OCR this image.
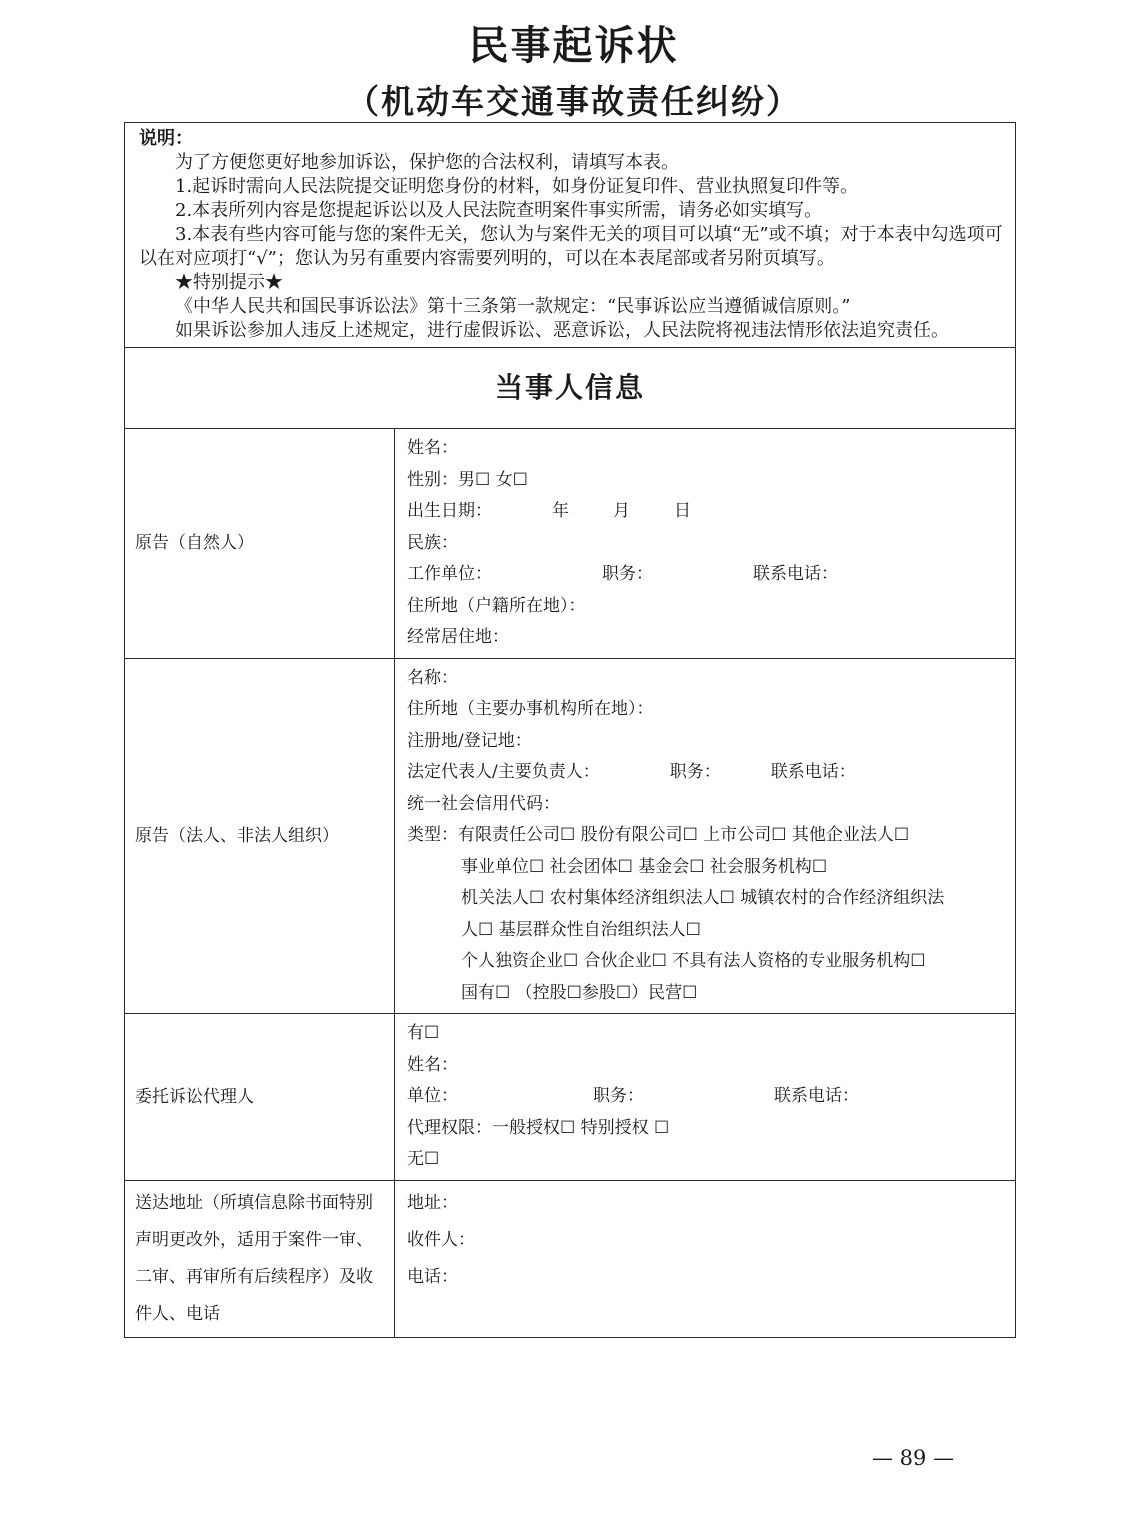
民事起诉状
（机动车交通事故责任纠纷）
说明：
为了方便您更好地参加诉讼，保护您的合法权利，请填写本表。
1.起诉时需向人民法院提交证明您身份的材料，如身份证复印件、营业执照复印件等。
2.本表所列内容是您提起诉讼以及人民法院查明案件事实所需，请务必如实填写。
3.本表有些内容可能与您的案件无关，您认为与案件无关的项目可以填“无”或不填；对于本表中勾选项可以在对应项打“√”；您认为另有重要内容需要列明的，可以在本表尾部或者另附页填写。
★特别提示★
《中华人民共和国民事诉讼法》第十三条第一款规定：“民事诉讼应当遵循诚信原则。”
如果诉讼参加人违反上述规定，进行虚假诉讼、恶意诉讼，人民法院将视违法情形依法追究责任。
当事人信息
原告（自然人）
姓名：
性别：男☐ 女☐
出生日期：	年	月	日
民族：
工作单位：	职务：	联系电话：
住所地（户籍所在地）：
经常居住地：
原告（法人、非法人组织）
名称：
住所地（主要办事机构所在地）：
注册地/登记地：
法定代表人/主要负责人：	职务：	联系电话：
统一社会信用代码：
类型：有限责任公司☐ 股份有限公司☐ 上市公司☐ 其他企业法人☐
事业单位☐ 社会团体☐ 基金会☐ 社会服务机构☐
机关法人☐ 农村集体经济组织法人☐ 城镇农村的合作经济组织法
人☐ 基层群众性自治组织法人☐
个人独资企业☐ 合伙企业☐ 不具有法人资格的专业服务机构☐
国有☐ （控股☐参股☐）民营☐
委托诉讼代理人
有☐
姓名：
单位：	职务：	联系电话：
代理权限：一般授权☐ 特别授权 ☐
无☐
送达地址（所填信息除书面特别声明更改外，适用于案件一审、二审、再审所有后续程序）及收件人、电话
地址：
收件人：
电话：
— 89 —
